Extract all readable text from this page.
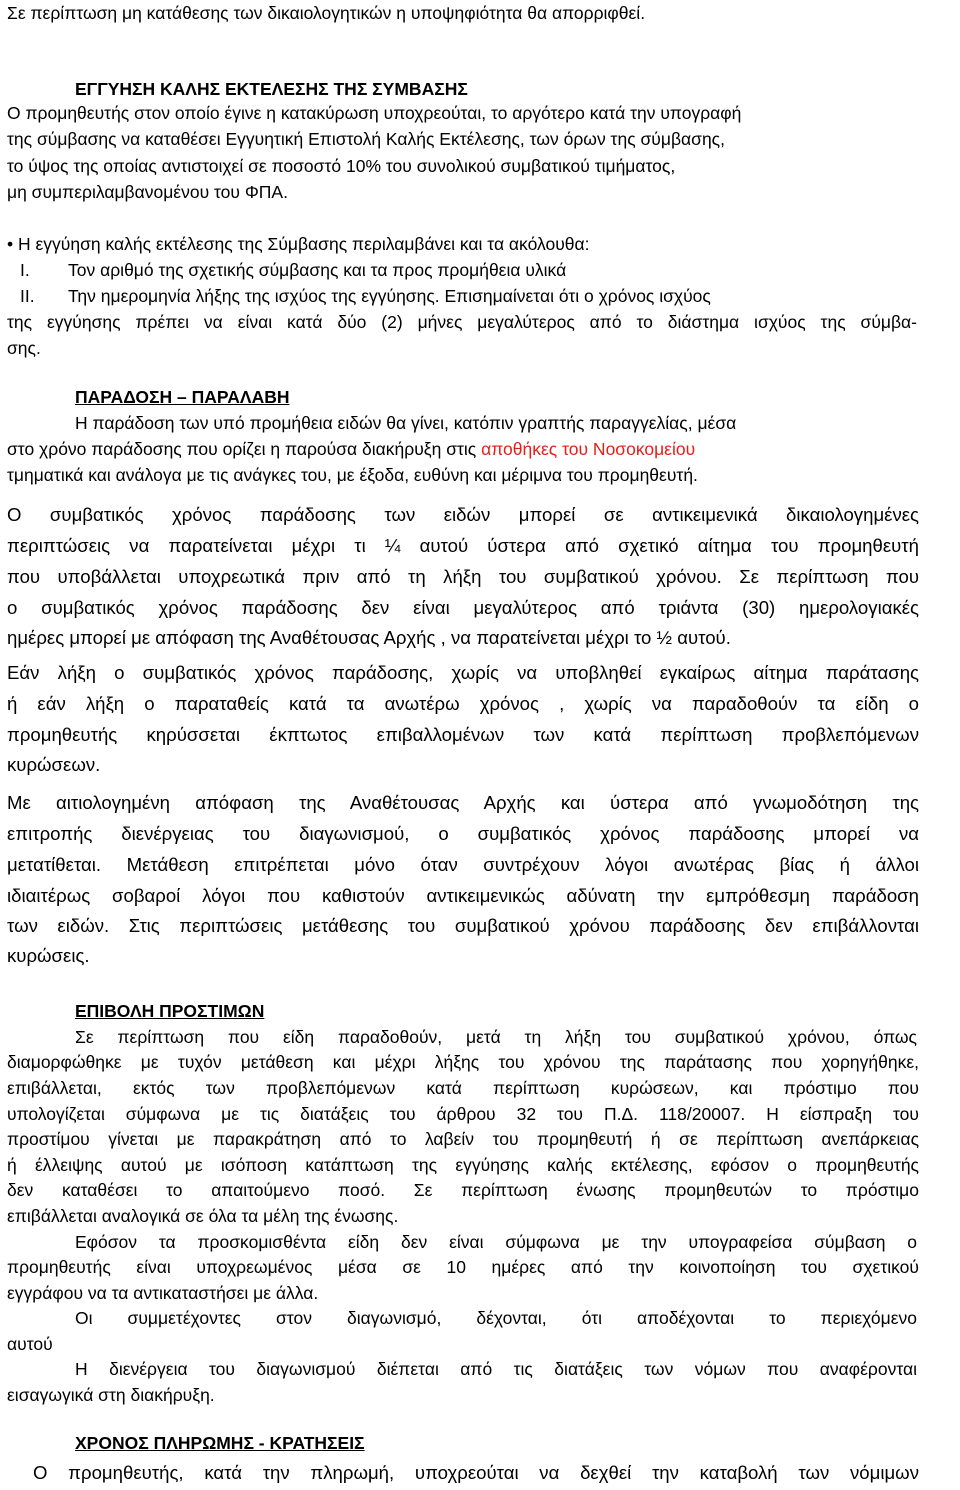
Σε περίπτωση μη κατάθεσης των δικαιολογητικών η υποψηφιότητα θα απορριφθεί.
ΕΓΓΥΗΣΗ ΚΑΛΗΣ ΕΚΤΕΛΕΣΗΣ ΤΗΣ ΣΥΜΒΑΣΗΣ
Ο προμηθευτής στον οποίο έγινε η κατακύρωση υποχρεούται, το αργότερο κατά την υπογραφή
της σύμβασης να καταθέσει Εγγυητική Επιστολή Καλής Εκτέλεσης, των όρων της σύμβασης,
το ύψος της οποίας αντιστοιχεί σε ποσοστό 10% του συνολικού συμβατικού τιμήματος,
μη συμπεριλαμβανομένου του ΦΠΑ.
• Η εγγύηση καλής εκτέλεσης της Σύμβασης περιλαμβάνει και τα ακόλουθα:
Ι. Τον αριθμό της σχετικής σύμβασης και τα προς προμήθεια υλικά
ΙΙ. Την ημερομηνία λήξης της ισχύος της εγγύησης. Επισημαίνεται ότι ο χρόνος ισχύος
της εγγύησης πρέπει να είναι κατά δύο (2) μήνες μεγαλύτερος από το διάστημα ισχύος της σύμβα-
σης.
ΠΑΡΑΔΟΣΗ – ΠΑΡΑΛΑΒΗ
Η παράδοση των υπό προμήθεια ειδών θα γίνει, κατόπιν γραπτής παραγγελίας, μέσα
στο χρόνο παράδοσης που ορίζει η παρούσα διακήρυξη στις αποθήκες του Νοσοκομείου
τμηματικά και ανάλογα με τις ανάγκες του, με έξοδα, ευθύνη και μέριμνα του προμηθευτή.
Ο συμβατικός χρόνος παράδοσης των ειδών μπορεί σε αντικειμενικά δικαιολογημένες
περιπτώσεις να παρατείνεται μέχρι τι ¼ αυτού ύστερα από σχετικό αίτημα του προμηθευτή
που υποβάλλεται υποχρεωτικά πριν από τη λήξη του συμβατικού χρόνου. Σε περίπτωση που
ο συμβατικός χρόνος παράδοσης δεν είναι μεγαλύτερος από τριάντα (30) ημερολογιακές
ημέρες μπορεί με απόφαση της Αναθέτουσας Αρχής , να παρατείνεται μέχρι το ½ αυτού.
Εάν λήξη ο συμβατικός χρόνος παράδοσης, χωρίς να υποβληθεί εγκαίρως αίτημα παράτασης
ή εάν λήξη ο παραταθείς κατά τα ανωτέρω χρόνος , χωρίς να παραδοθούν τα είδη ο
προμηθευτής κηρύσσεται έκπτωτος επιβαλλομένων των κατά περίπτωση προβλεπόμενων
κυρώσεων.
Με αιτιολογημένη απόφαση της Αναθέτουσας Αρχής και ύστερα από γνωμοδότηση της
επιτροπής διενέργειας του διαγωνισμού, ο συμβατικός χρόνος παράδοσης μπορεί να
μετατίθεται. Μετάθεση επιτρέπεται μόνο όταν συντρέχουν λόγοι ανωτέρας βίας ή άλλοι
ιδιαιτέρως σοβαροί λόγοι που καθιστούν αντικειμενικώς αδύνατη την εμπρόθεσμη παράδοση
των ειδών. Στις περιπτώσεις μετάθεσης του συμβατικού χρόνου παράδοσης δεν επιβάλλονται
κυρώσεις.
ΕΠΙΒΟΛΗ ΠΡΟΣΤΙΜΩΝ
Σε περίπτωση που είδη παραδοθούν, μετά τη λήξη του συμβατικού χρόνου, όπως
διαμορφώθηκε με τυχόν μετάθεση και μέχρι λήξης του χρόνου της παράτασης που χορηγήθηκε,
επιβάλλεται, εκτός των προβλεπόμενων κατά περίπτωση κυρώσεων, και πρόστιμο που
υπολογίζεται σύμφωνα με τις διατάξεις του άρθρου 32 του Π.Δ. 118/20007. Η είσπραξη του
προστίμου γίνεται με παρακράτηση από το λαβείν του προμηθευτή ή σε περίπτωση ανεπάρκειας
ή έλλειψης αυτού με ισόποση κατάπτωση της εγγύησης καλής εκτέλεσης, εφόσον ο προμηθευτής
δεν καταθέσει το απαιτούμενο ποσό. Σε περίπτωση ένωσης προμηθευτών το πρόστιμο
επιβάλλεται αναλογικά σε όλα τα μέλη της ένωσης.
Εφόσον τα προσκομισθέντα είδη δεν είναι σύμφωνα με την υπογραφείσα σύμβαση ο
προμηθευτής είναι υποχρεωμένος μέσα σε 10 ημέρες από την κοινοποίηση του σχετικού
εγγράφου να τα αντικαταστήσει με άλλα.
Οι συμμετέχοντες στον διαγωνισμό, δέχονται, ότι αποδέχονται το περιεχόμενο
αυτού
Η διενέργεια του διαγωνισμού διέπεται από τις διατάξεις των νόμων που αναφέρονται
εισαγωγικά στη διακήρυξη.
ΧΡΟΝΟΣ ΠΛΗΡΩΜΗΣ - ΚΡΑΤΗΣΕΙΣ
Ο προμηθευτής, κατά την πληρωμή, υποχρεούται να δεχθεί την καταβολή των νόμιμων
